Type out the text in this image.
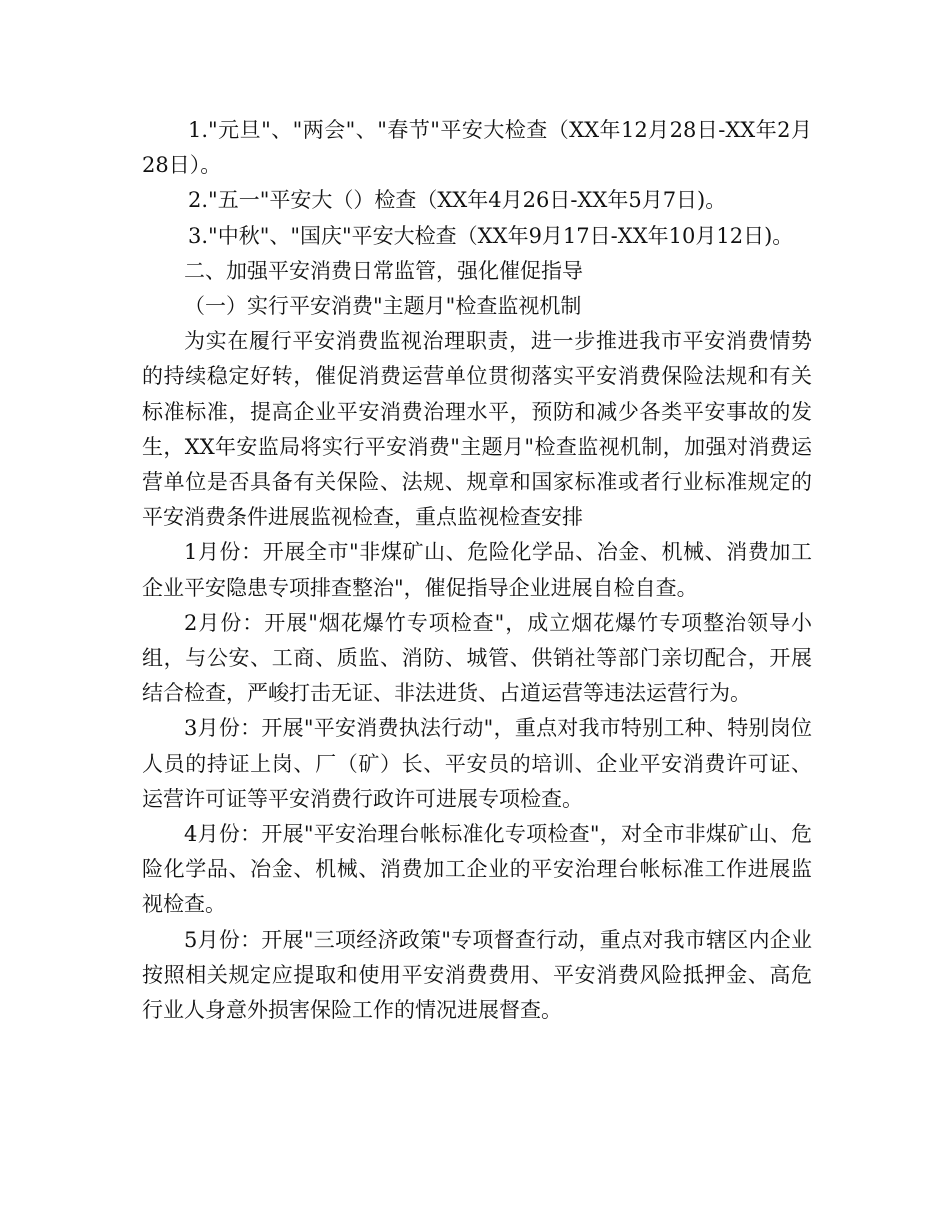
1."元旦"、"两会"、"春节"平安大检查（XX年12月28日-XX年2月28日）。

2."五一"平安大（）检查（XX年4月26日-XX年5月7日)。

3."中秋"、"国庆"平安大检查（XX年9月17日-XX年10月12日)。

二、加强平安消费日常监管，强化催促指导

（一）实行平安消费"主题月"检查监视机制

为实在履行平安消费监视治理职责，进一步推进我市平安消费情势的持续稳定好转，催促消费运营单位贯彻落实平安消费保险法规和有关标准标准，提高企业平安消费治理水平，预防和减少各类平安事故的发生，XX年安监局将实行平安消费"主题月"检查监视机制，加强对消费运营单位是否具备有关保险、法规、规章和国家标准或者行业标准规定的平安消费条件进展监视检查，重点监视检查安排

1月份：开展全市"非煤矿山、危险化学品、冶金、机械、消费加工企业平安隐患专项排查整治"，催促指导企业进展自检自查。

2月份：开展"烟花爆竹专项检查"，成立烟花爆竹专项整治领导小组，与公安、工商、质监、消防、城管、供销社等部门亲切配合，开展结合检查，严峻打击无证、非法进货、占道运营等违法运营行为。

3月份：开展"平安消费执法行动"，重点对我市特别工种、特别岗位人员的持证上岗、厂（矿）长、平安员的培训、企业平安消费许可证、运营许可证等平安消费行政许可进展专项检查。

4月份：开展"平安治理台帐标准化专项检查"，对全市非煤矿山、危险化学品、冶金、机械、消费加工企业的平安治理台帐标准工作进展监视检查。

5月份：开展"三项经济政策"专项督查行动，重点对我市辖区内企业按照相关规定应提取和使用平安消费费用、平安消费风险抵押金、高危行业人身意外损害保险工作的情况进展督查。
